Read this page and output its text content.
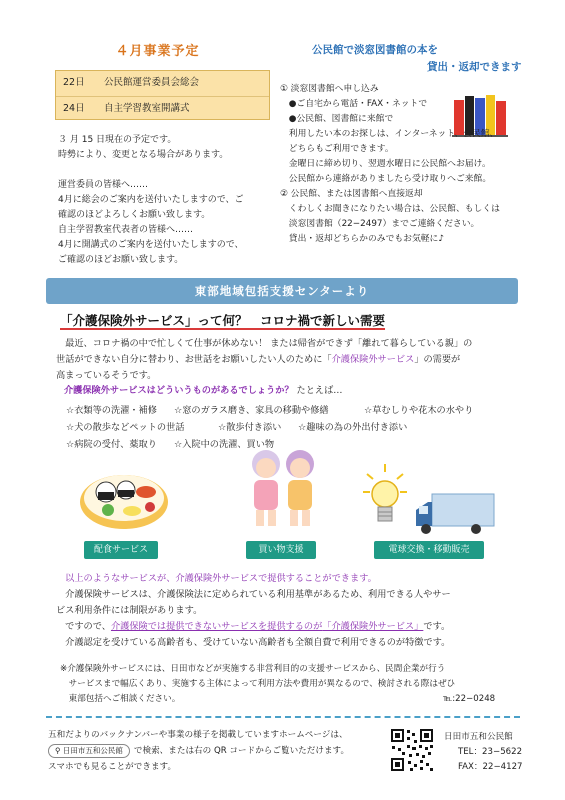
４月事業予定
22日	公民館運営委員会総会
24日	自主学習教室開講式
３ 月 15 日現在の予定です。
時勢により、変更となる場合があります。
運営委員の皆様へ……
4月に総会のご案内を送付いたしますので、ご
確認のほどよろしくお願い致します。
自主学習教室代表者の皆様へ……
4月に開講式のご案内を送付いたしますので、
ご確認のほどお願い致します。
公民館で淡窓図書館の本を
貸出・返却できます
① 淡窓図書館へ申し込み
　●ご自宅から電話・FAX・ネットで
　●公民館、図書館に来館で
　利用したい本のお探しは、インターネット、公民館、
　どちらもご利用できます。
　金曜日に締め切り、翌週水曜日に公民館へお届け。
　公民館から連絡がありましたら受け取りへご来館。
② 公民館、または図書館へ直接返却
　くわしくお聞きになりたい場合は、公民館、もしくは
　淡窓図書館（22−2497）までご連絡ください。
　貸出・返却どちらかのみでもお気軽に♪
東部地域包括支援センターより
「介護保険外サービス」って何？　コロナ禍で新しい需要
　最近、コロナ禍の中で忙しくて仕事が休めない！ または帰省ができず「離れて暮らしている親」の
世話ができない自分に替わり、お世話をお願いしたい人のために「介護保険外サービス」の需要が
高まっているそうです。
介護保険外サービスはどういうものがあるでしょうか？ たとえば…
☆衣類等の洗濯・補修	☆窓のガラス磨き、家具の移動や修繕	☆草むしりや花木の水やり
☆犬の散歩などペットの世話	☆散歩付き添い	☆趣味の為の外出付き添い
☆病院の受付、薬取り	☆入院中の洗濯、買い物
配食サービス	買い物支援	電球交換・移動販売
　以上のようなサービスが、介護保険外サービスで提供することができます。
　介護保険サービスは、介護保険法に定められている利用基準があるため、利用できる人やサー
ビス利用条件には制限があります。
　ですので、介護保険では提供できないサービスを提供するのが「介護保険外サービス」です。
　介護認定を受けている高齢者も、受けていない高齢者も全額自費で利用できるのが特徴です。
※介護保険外サービスには、日田市などが実施する非営利目的の支援サービスから、民間企業が行う
　サービスまで幅広くあり、実施する主体によって利用方法や費用が異なるので、検討される際はぜひ
　東部包括へご相談ください。	℡:22−0248
五和だよりのバックナンバーや事業の様子を掲載していますホームページは、
⚲ 日田市五和公民館 で検索、または右の QR コードからご覧いただけます。
スマホでも見ることができます。
日田市五和公民館
TEL：23−5622
FAX：22−4127
